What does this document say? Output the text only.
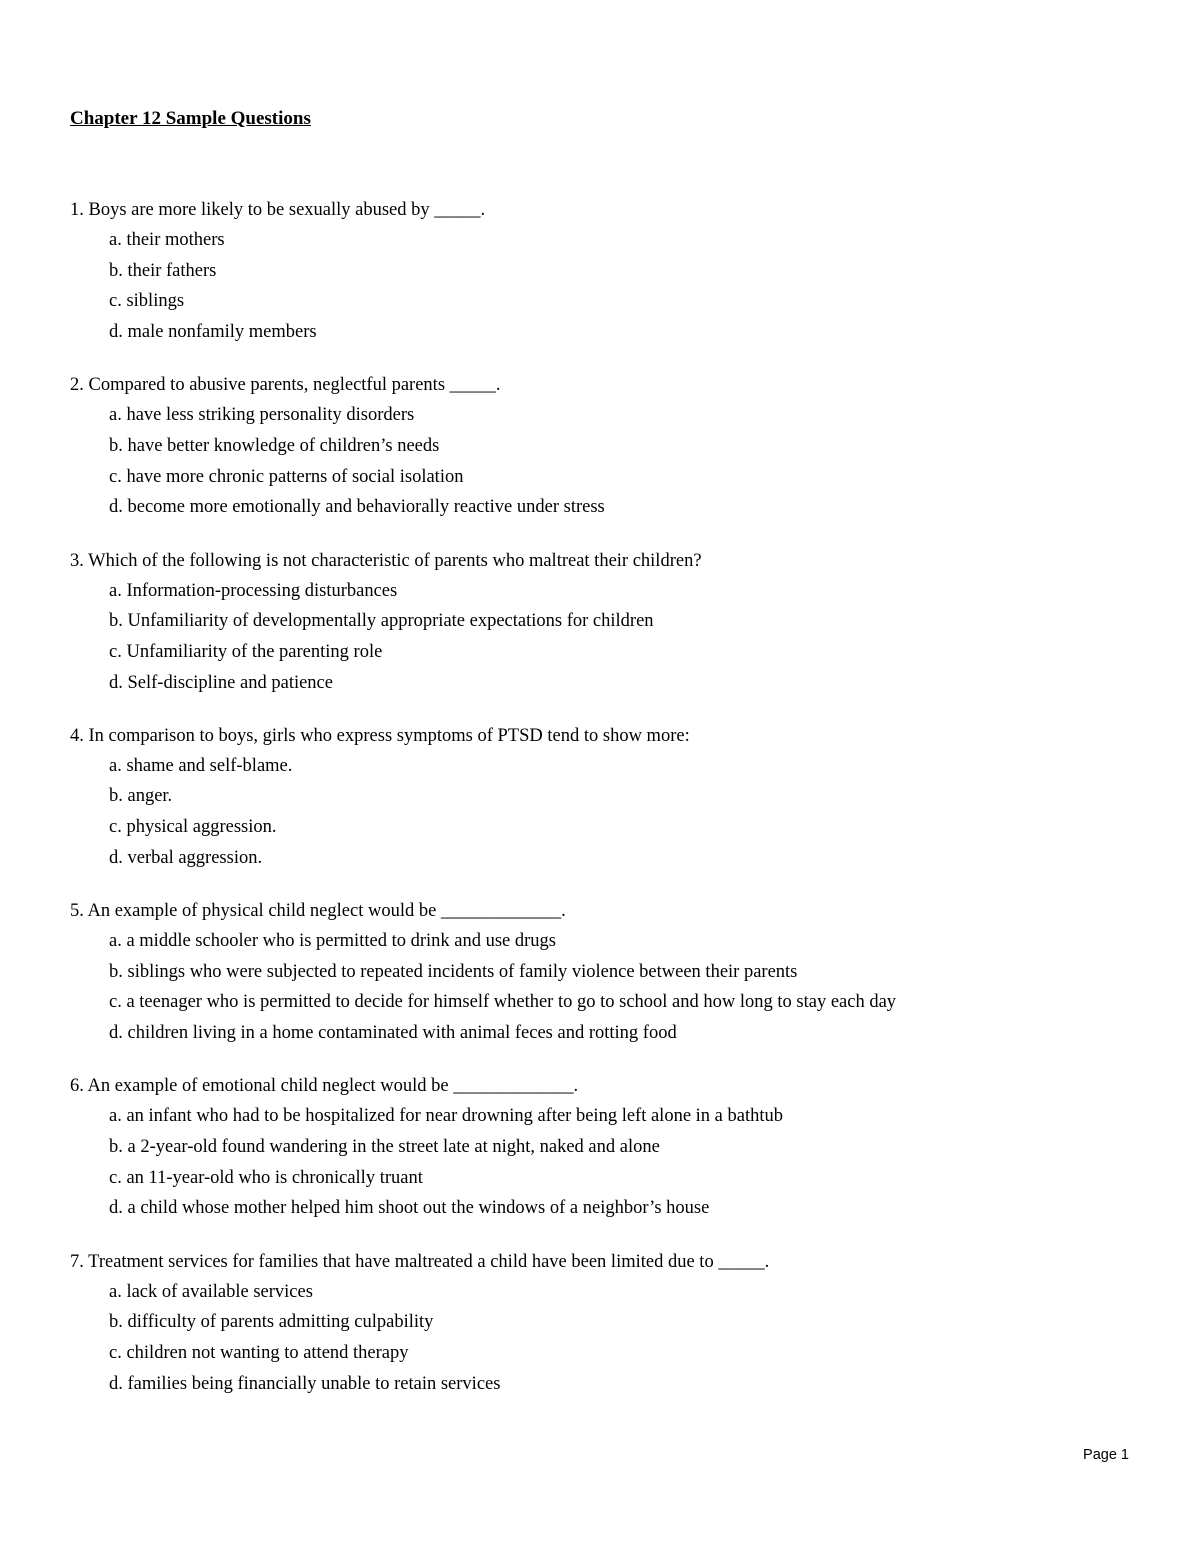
Chapter 12 Sample Questions
1. Boys are more likely to be sexually abused by _____.
a. their mothers
b. their fathers
c. siblings
d. male nonfamily members
2. Compared to abusive parents, neglectful parents _____.
a. have less striking personality disorders
b. have better knowledge of children’s needs
c. have more chronic patterns of social isolation
d. become more emotionally and behaviorally reactive under stress
3. Which of the following is not characteristic of parents who maltreat their children?
a. Information-processing disturbances
b. Unfamiliarity of developmentally appropriate expectations for children
c. Unfamiliarity of the parenting role
d. Self-discipline and patience
4. In comparison to boys, girls who express symptoms of PTSD tend to show more:
a. shame and self-blame.
b. anger.
c. physical aggression.
d. verbal aggression.
5. An example of physical child neglect would be _____________.
a. a middle schooler who is permitted to drink and use drugs
b. siblings who were subjected to repeated incidents of family violence between their parents
c. a teenager who is permitted to decide for himself whether to go to school and how long to stay each day
d. children living in a home contaminated with animal feces and rotting food
6. An example of emotional child neglect would be _____________.
a. an infant who had to be hospitalized for near drowning after being left alone in a bathtub
b. a 2-year-old found wandering in the street late at night, naked and alone
c. an 11-year-old who is chronically truant
d. a child whose mother helped him shoot out the windows of a neighbor’s house
7. Treatment services for families that have maltreated a child have been limited due to _____.
a. lack of available services
b. difficulty of parents admitting culpability
c. children not wanting to attend therapy
d. families being financially unable to retain services
Page 1
